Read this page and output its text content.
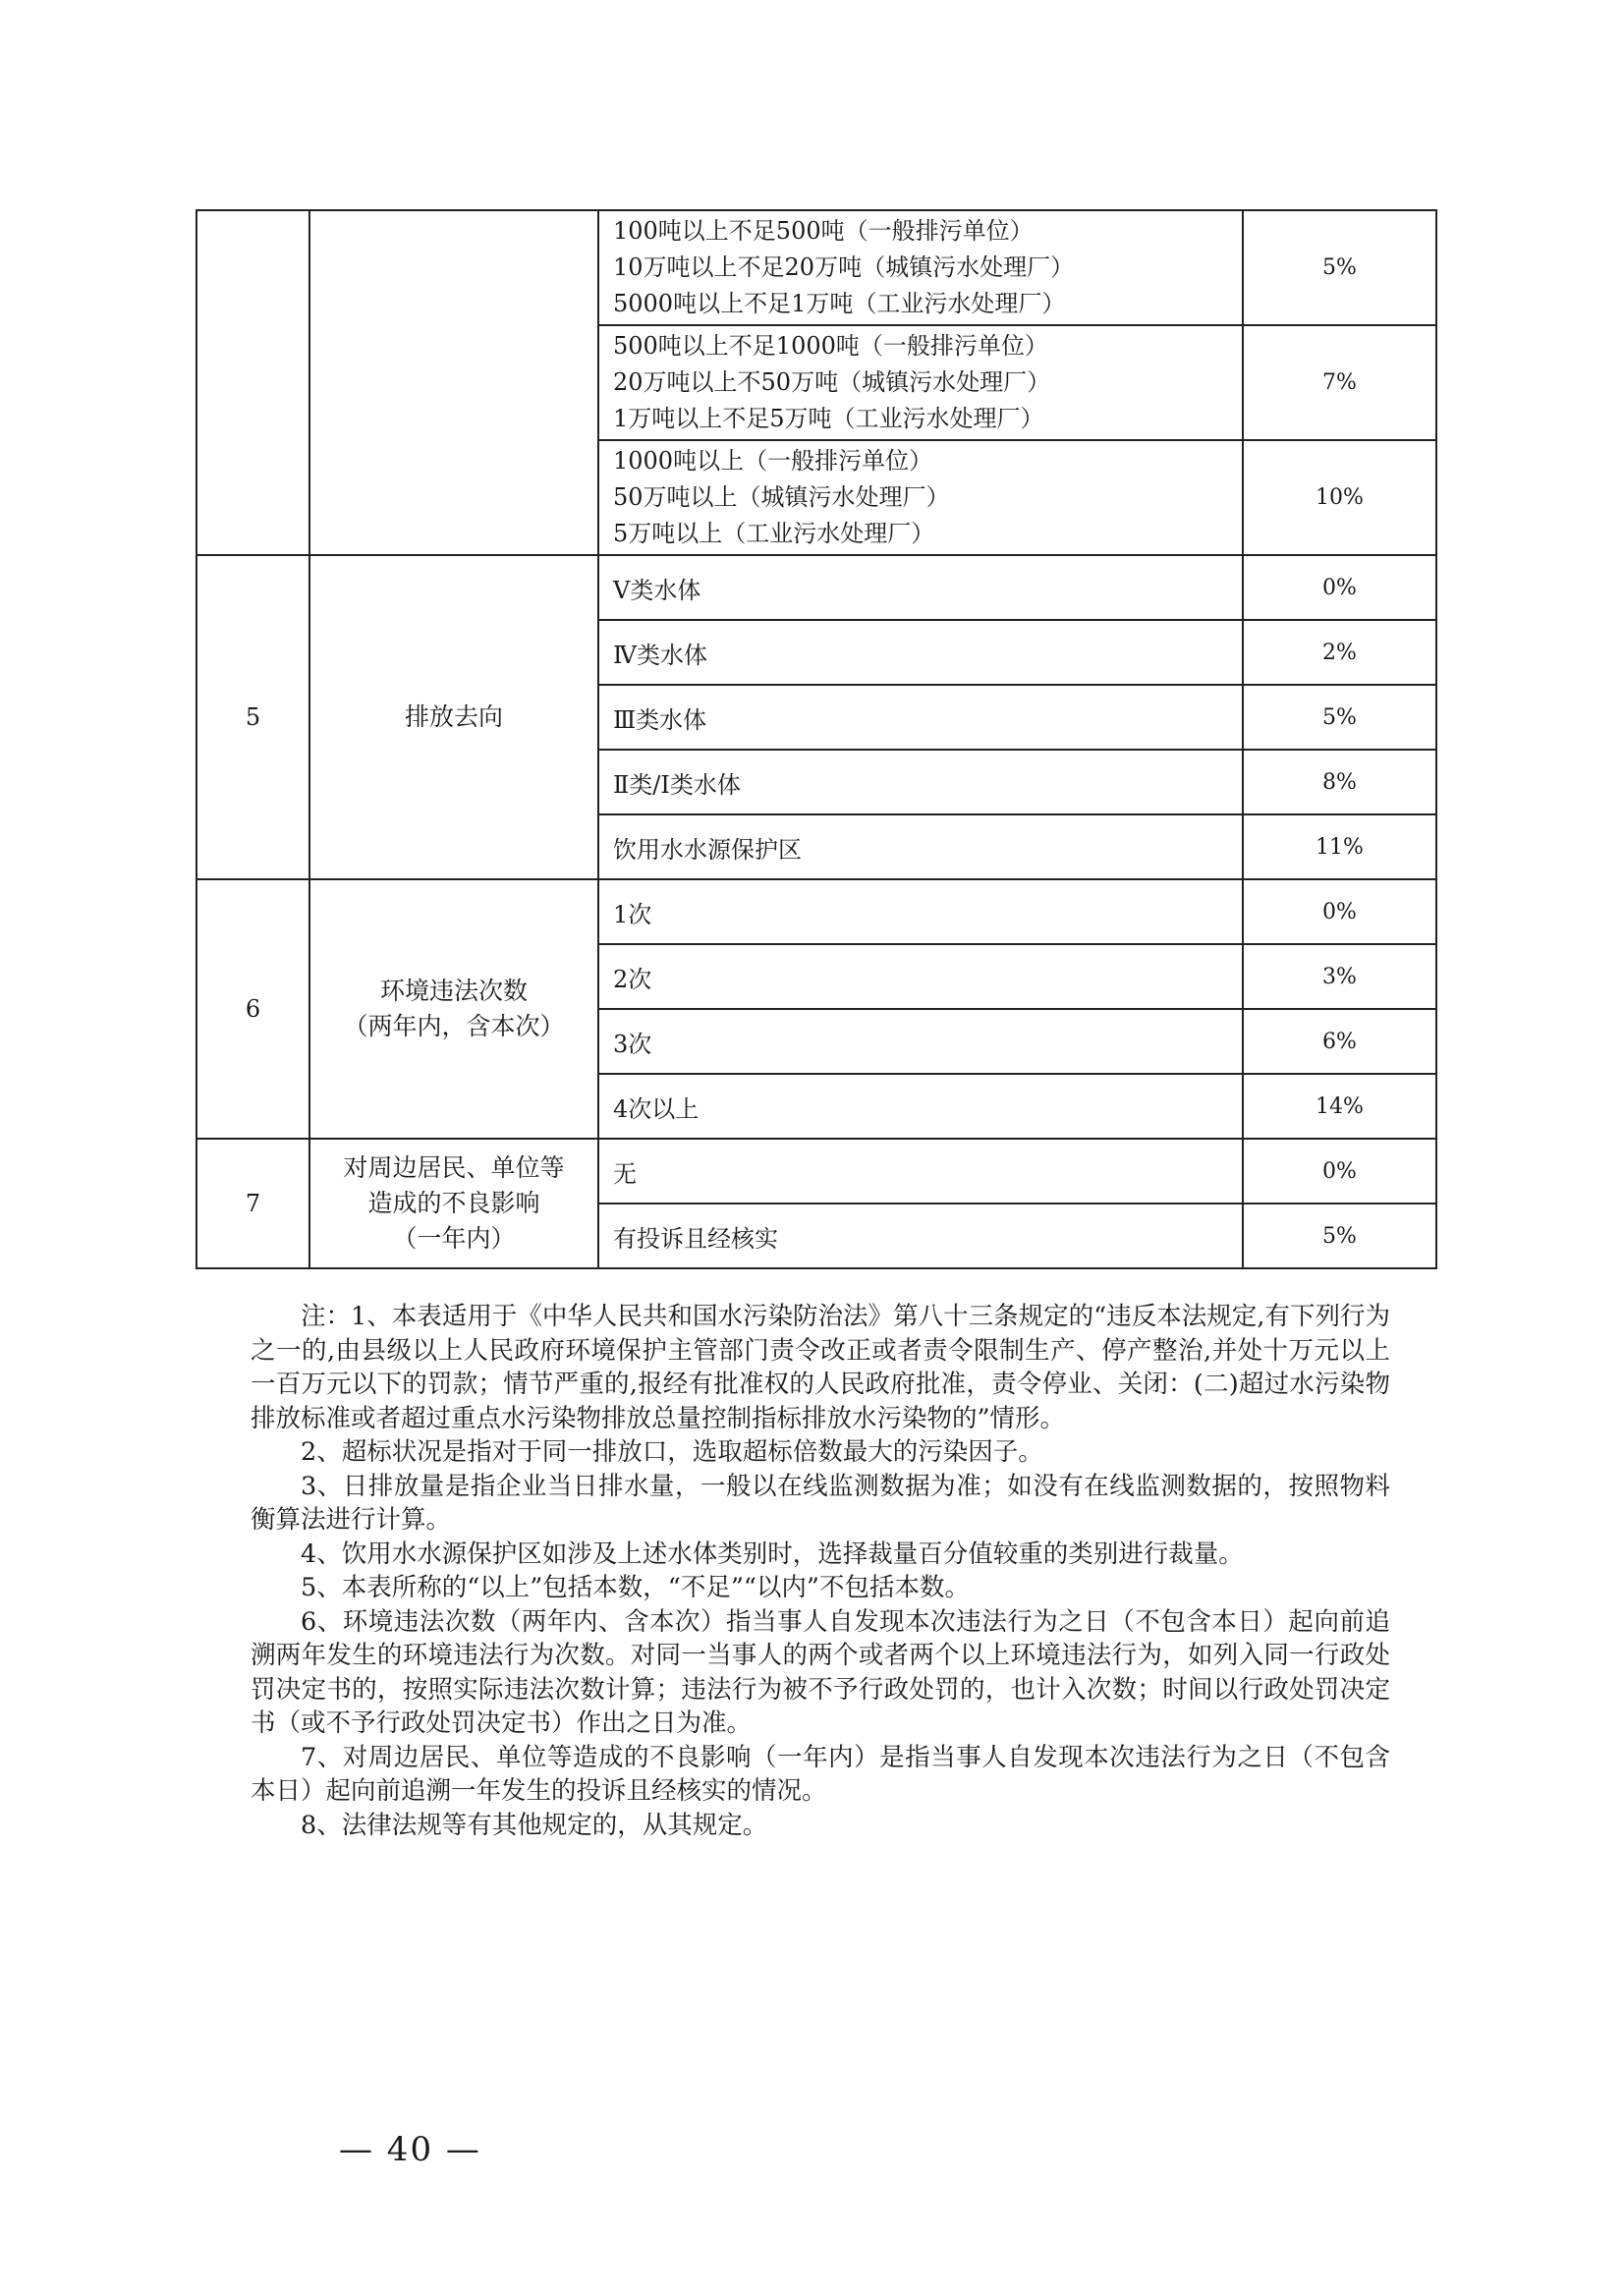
		100吨以上不足500吨（一般排污单位）
10万吨以上不足20万吨（城镇污水处理厂）
5000吨以上不足1万吨（工业污水处理厂）	5%

		500吨以上不足1000吨（一般排污单位）
20万吨以上不50万吨（城镇污水处理厂）
1万吨以上不足5万吨（工业污水处理厂）	7%

		1000吨以上（一般排污单位）
50万吨以上（城镇污水处理厂）
5万吨以上（工业污水处理厂）	10%
5	排放去向	Ⅴ类水体	0%
		Ⅳ类水体	2%
		Ⅲ类水体	5%
		Ⅱ类/Ⅰ类水体	8%
		饮用水水源保护区	11%
6	环境违法次数
（两年内，含本次）	1次	0%
		2次	3%
		3次	6%
		4次以上	14%
7	对周边居民、单位等
造成的不良影响
（一年内）	无	0%
		有投诉且经核实	5%

注：1、本表适用于《中华人民共和国水污染防治法》第八十三条规定的“违反本法规定,有下列行为之一的,由县级以上人民政府环境保护主管部门责令改正或者责令限制生产、停产整治,并处十万元以上一百万元以下的罚款；情节严重的,报经有批准权的人民政府批准，责令停业、关闭：(二)超过水污染物排放标准或者超过重点水污染物排放总量控制指标排放水污染物的”情形。

2、超标状况是指对于同一排放口，选取超标倍数最大的污染因子。

3、日排放量是指企业当日排水量，一般以在线监测数据为准；如没有在线监测数据的，按照物料衡算法进行计算。

4、饮用水水源保护区如涉及上述水体类别时，选择裁量百分值较重的类别进行裁量。

5、本表所称的“以上”包括本数，“不足”“以内”不包括本数。

6、环境违法次数（两年内、含本次）指当事人自发现本次违法行为之日（不包含本日）起向前追溯两年发生的环境违法行为次数。对同一当事人的两个或者两个以上环境违法行为，如列入同一行政处罚决定书的，按照实际违法次数计算；违法行为被不予行政处罚的，也计入次数；时间以行政处罚决定书（或不予行政处罚决定书）作出之日为准。

7、对周边居民、单位等造成的不良影响（一年内）是指当事人自发现本次违法行为之日（不包含本日）起向前追溯一年发生的投诉且经核实的情况。

8、法律法规等有其他规定的，从其规定。

— 40 —
